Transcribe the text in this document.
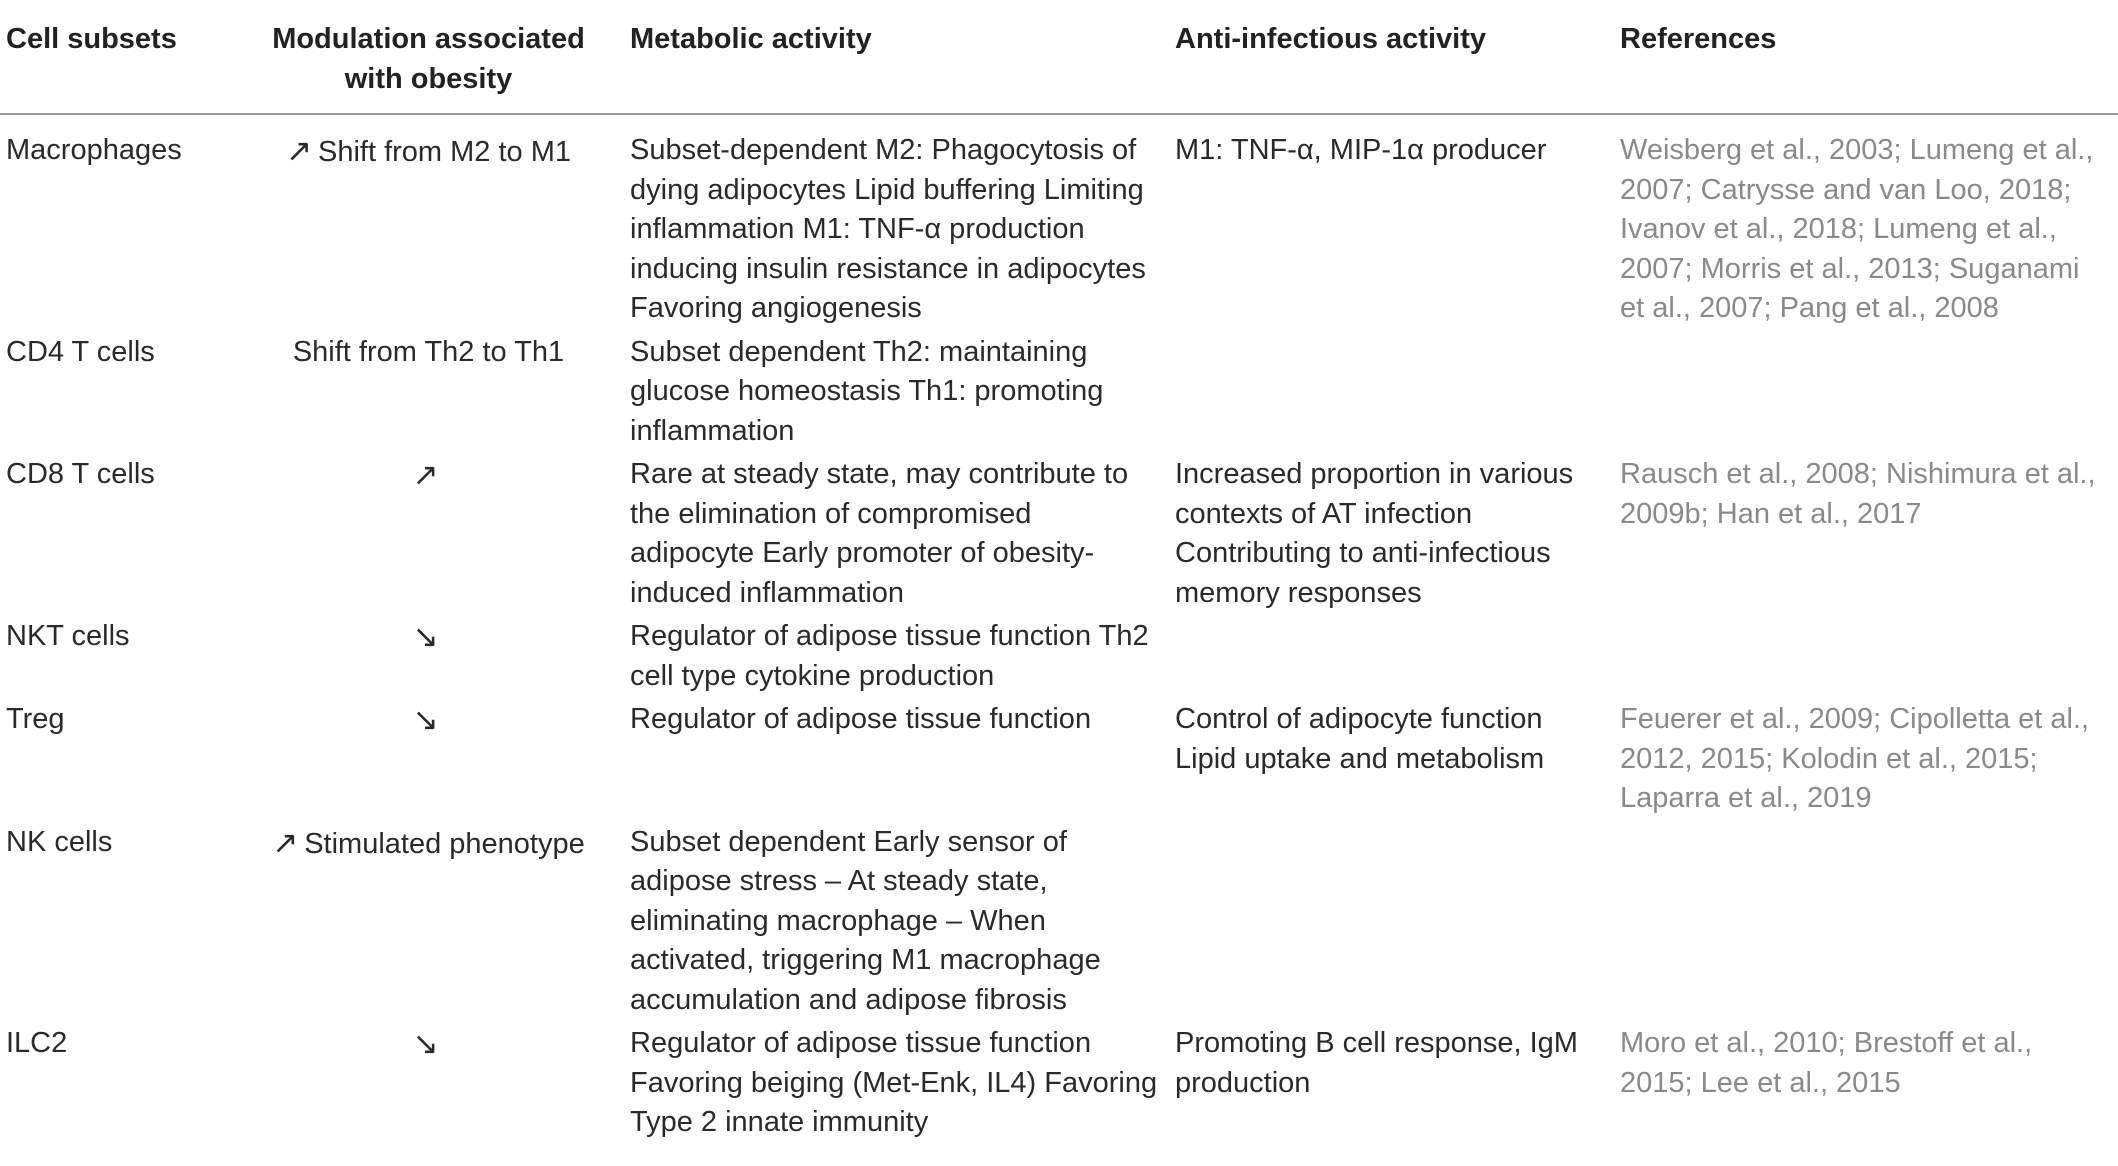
Cell subsets	Modulation associated with obesity	Metabolic activity	Anti-infectious activity	References
Macrophages	↗ Shift from M2 to M1	Subset-dependent M2: Phagocytosis of dying adipocytes Lipid buffering Limiting inflammation M1: TNF-α production inducing insulin resistance in adipocytes Favoring angiogenesis	M1: TNF-α, MIP-1α producer	Weisberg et al., 2003; Lumeng et al., 2007; Catrysse and van Loo, 2018; Ivanov et al., 2018; Lumeng et al., 2007; Morris et al., 2013; Suganami et al., 2007; Pang et al., 2008
CD4 T cells	Shift from Th2 to Th1	Subset dependent Th2: maintaining glucose homeostasis Th1: promoting inflammation		
CD8 T cells	↗	Rare at steady state, may contribute to the elimination of compromised adipocyte Early promoter of obesity-induced inflammation	Increased proportion in various contexts of AT infection Contributing to anti-infectious memory responses	Rausch et al., 2008; Nishimura et al., 2009b; Han et al., 2017
NKT cells	↘	Regulator of adipose tissue function Th2 cell type cytokine production		
Treg	↘	Regulator of adipose tissue function	Control of adipocyte function Lipid uptake and metabolism	Feuerer et al., 2009; Cipolletta et al., 2012, 2015; Kolodin et al., 2015; Laparra et al., 2019
NK cells	↗ Stimulated phenotype	Subset dependent Early sensor of adipose stress – At steady state, eliminating macrophage – When activated, triggering M1 macrophage accumulation and adipose fibrosis		
ILC2	↘	Regulator of adipose tissue function Favoring beiging (Met-Enk, IL4) Favoring Type 2 innate immunity	Promoting B cell response, IgM production	Moro et al., 2010; Brestoff et al., 2015; Lee et al., 2015
